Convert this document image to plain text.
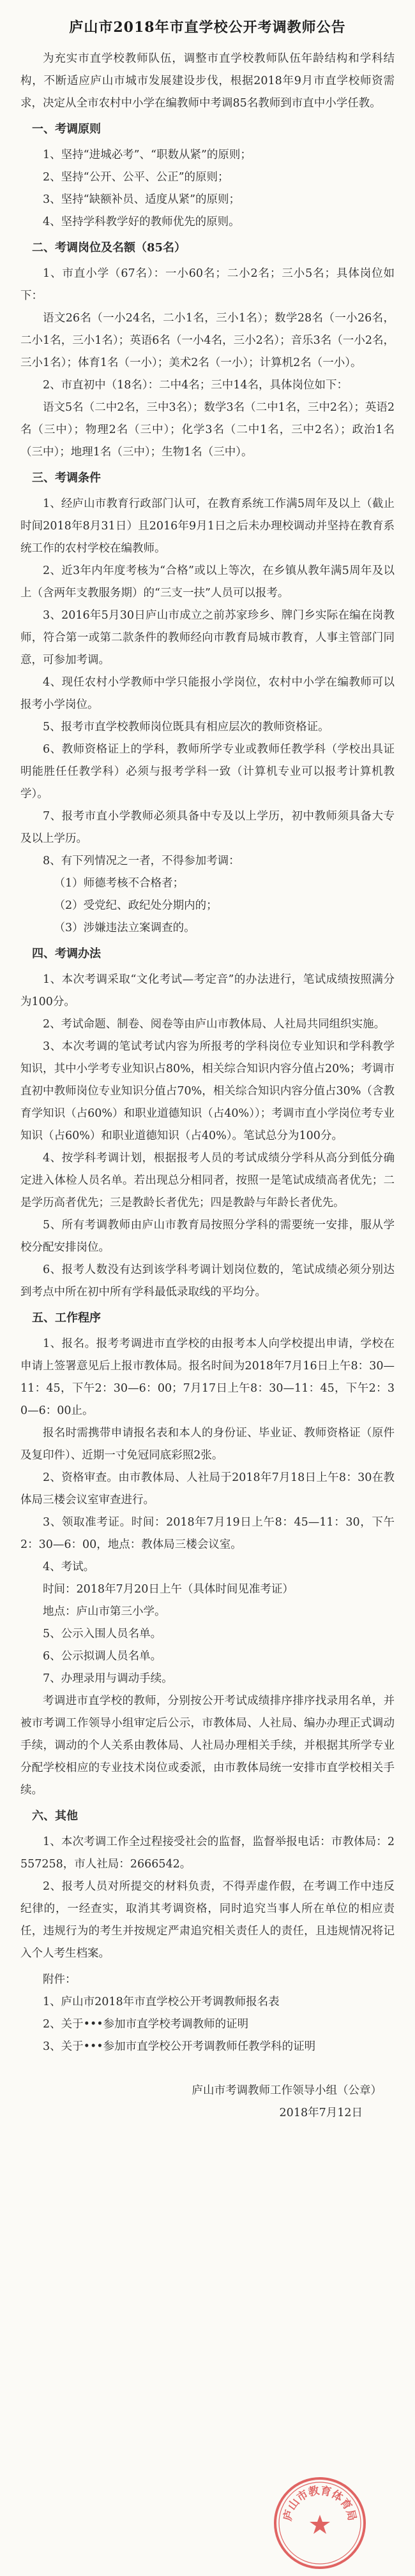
庐山市2018年市直学校公开考调教师公告

为充实市直学校教师队伍，调整市直学校教师队伍年龄结构和学科结构，不断适应庐山市城市发展建设步伐，根据2018年9月市直学校师资需求，决定从全市农村中小学在编教师中考调85名教师到市直中小学任教。

一、考调原则

1、坚持“进城必考”、“职数从紧”的原则；

2、坚持“公开、公平、公正”的原则；

3、坚持“缺额补员、适度从紧”的原则；

4、坚持学科教学好的教师优先的原则。

二、考调岗位及名额（85名）

1、市直小学（67名）：一小60名；二小2名；三小5名；具体岗位如下：

语文26名（一小24名，二小1名，三小1名）；数学28名（一小26名，二小1名，三小1名）；英语6名（一小4名，三小2名）；音乐3名（一小2名，三小1名）；体育1名（一小）；美术2名（一小）；计算机2名（一小）。

2、市直初中（18名）：二中4名；三中14名，具体岗位如下：

语文5名（二中2名，三中3名）；数学3名（二中1名，三中2名）；英语2名（三中）；物理2名（三中）；化学3名（二中1名，三中2名）；政治1名（三中）；地理1名（三中）；生物1名（三中）。

三、考调条件

1、经庐山市教育行政部门认可，在教育系统工作满5周年及以上（截止时间2018年8月31日）且2016年9月1日之后未办理校调动并坚持在教育系统工作的农村学校在编教师。

2、近3年内年度考核为“合格”或以上等次，在乡镇从教年满5周年及以上（含两年支教服务期）的“三支一扶”人员可以报考。

3、2016年5月30日庐山市成立之前苏家珍乡、牌门乡实际在编在岗教师，符合第一或第二款条件的教师经向市教育局城市教育，人事主管部门同意，可参加考调。

4、现任农村小学教师中学只能报小学岗位，农村中小学在编教师可以报考小学岗位。

5、报考市直学校教师岗位既具有相应层次的教师资格证。

6、教师资格证上的学科，教师所学专业或教师任教学科（学校出具证明能胜任任教学科）必须与报考学科一致（计算机专业可以报考计算机教学）。

7、报考市直小学教师必须具备中专及以上学历，初中教师须具备大专及以上学历。

8、有下列情况之一者，不得参加考调：

（1）师德考核不合格者；

（2）受党纪、政纪处分期内的；

（3）涉嫌违法立案调查的。

四、考调办法

1、本次考调采取“文化考试—考定音”的办法进行，笔试成绩按照满分为100分。

2、考试命题、制卷、阅卷等由庐山市教体局、人社局共同组织实施。

3、本次考调的笔试考试内容为所报考的学科岗位专业知识和学科教学知识，其中小学考专业知识占80%，相关综合知识内容分值占20%；考调市直初中教师岗位专业知识分值占70%，相关综合知识内容分值占30%（含教育学知识（占60%）和职业道德知识（占40%））；考调市直小学岗位考专业知识（占60%）和职业道德知识（占40%）。笔试总分为100分。

4、按学科考调计划，根据报考人员的考试成绩分学科从高分到低分确定进入体检人员名单。若出现总分相同者，按照一是笔试成绩高者优先；二是学历高者优先；三是教龄长者优先；四是教龄与年龄长者优先。

5、所有考调教师由庐山市教育局按照分学科的需要统一安排，服从学校分配安排岗位。

6、报考人数没有达到该学科考调计划岗位数的，笔试成绩必须分别达到考点中所在初中所有学科最低录取线的平均分。

五、工作程序

1、报名。报考考调进市直学校的由报考本人向学校提出申请，学校在申请上签署意见后上报市教体局。报名时间为2018年7月16日上午8：30—11：45，下午2：30—6：00；7月17日上午8：30—11：45，下午2：30—6：00止。

报名时需携带申请报名表和本人的身份证、毕业证、教师资格证（原件及复印件）、近期一寸免冠同底彩照2张。

2、资格审查。由市教体局、人社局于2018年7月18日上午8：30在教体局三楼会议室审查进行。

3、领取准考证。时间：2018年7月19日上午8：45—11：30，下午2：30—6：00，地点：教体局三楼会议室。

4、考试。

时间：2018年7月20日上午（具体时间见准考证）

地点：庐山市第三小学。

5、公示入围人员名单。

6、公示拟调人员名单。

7、办理录用与调动手续。

考调进市直学校的教师，分别按公开考试成绩排序排序找录用名单，并被市考调工作领导小组审定后公示，市教体局、人社局、编办办理正式调动手续，调动的个人关系由教体局、人社局办理相关手续，并根据其所学专业分配学校相应的专业技术岗位或委派，由市教体局统一安排市直学校相关手续。

六、其他

1、本次考调工作全过程接受社会的监督，监督举报电话：市教体局：2557258，市人社局：2666542。

2、报考人员对所提交的材料负责，不得弄虚作假，在考调工作中违反纪律的，一经查实，取消其考调资格，同时追究当事人所在单位的相应责任，违规行为的考生并按规定严肃追究相关责任人的责任，且违规情况将记入个人考生档案。

附件：

1、庐山市2018年市直学校公开考调教师报名表

2、关于•••参加市直学校考调教师的证明

3、关于•••参加市直学校公开考调教师任教学科的证明

庐山市考调教师工作领导小组（公章）

2018年7月12日

庐山市教育体育局
